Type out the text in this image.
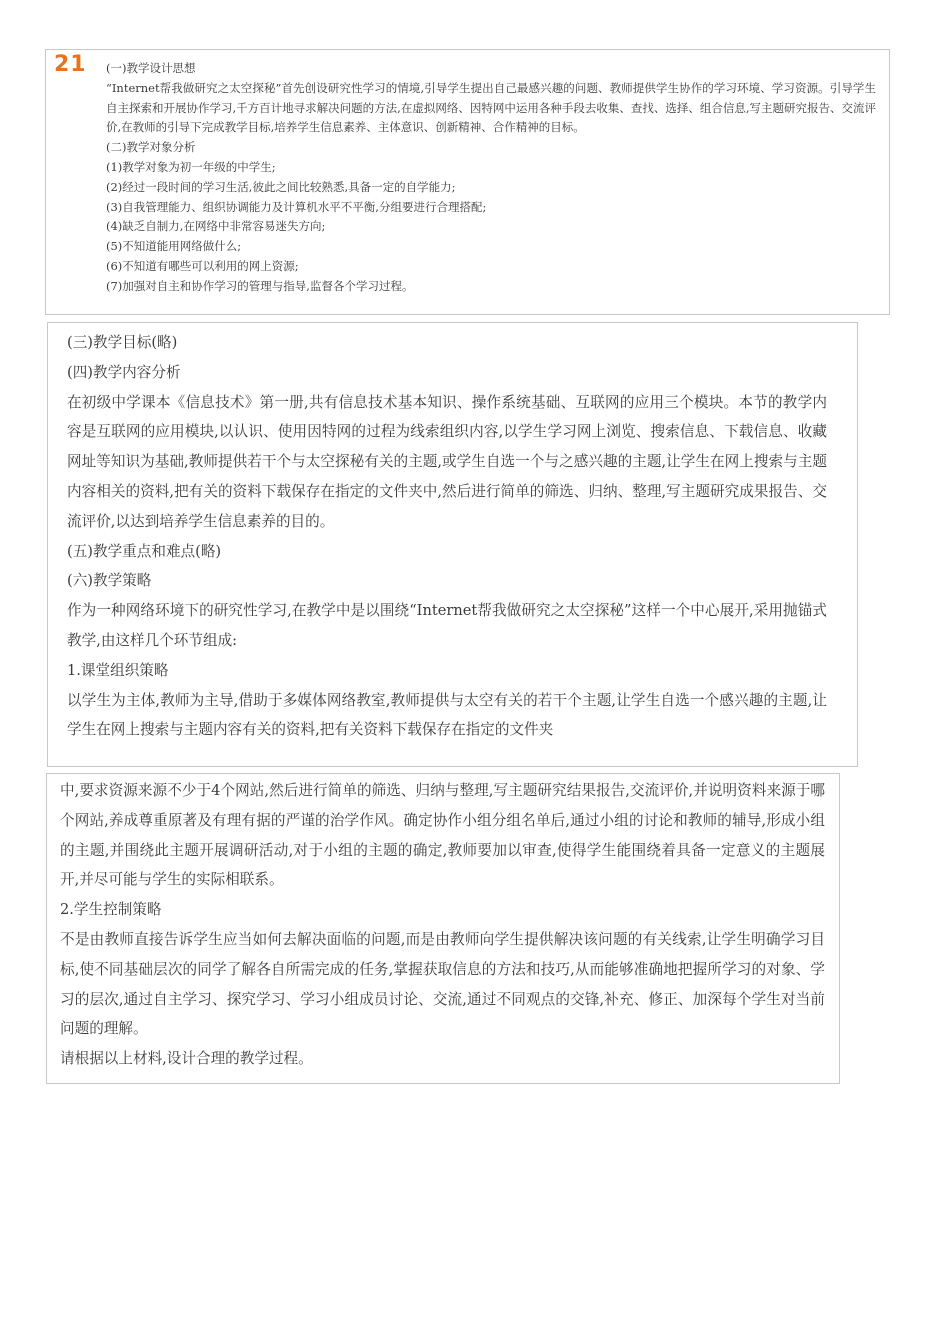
21 (一)教学设计思想
“Internet帮我做研究之太空探秘”首先创设研究性学习的情境,引导学生提出自己最感兴趣的问题、教师提供学生协作的学习环境、学习资源。引导学生自主探索和开展协作学习,千方百计地寻求解决问题的方法,在虚拟网络、因特网中运用各种手段去收集、查找、选择、组合信息,写主题研究报告、交流评价,在教师的引导下完成教学目标,培养学生信息素养、主体意识、创新精神、合作精神的目标。
(二)教学对象分析
(1)教学对象为初一年级的中学生;
(2)经过一段时间的学习生活,彼此之间比较熟悉,具备一定的自学能力;
(3)自我管理能力、组织协调能力及计算机水平不平衡,分组要进行合理搭配;
(4)缺乏自制力,在网络中非常容易迷失方向;
(5)不知道能用网络做什么;
(6)不知道有哪些可以利用的网上资源;
(7)加强对自主和协作学习的管理与指导,监督各个学习过程。
(三)教学目标(略)
(四)教学内容分析
在初级中学课本《信息技术》第一册,共有信息技术基本知识、操作系统基础、互联网的应用三个模块。本节的教学内容是互联网的应用模块,以认识、使用因特网的过程为线索组织内容,以学生学习网上浏览、搜索信息、下载信息、收藏网址等知识为基础,教师提供若干个与太空探秘有关的主题,或学生自选一个与之感兴趣的主题,让学生在网上搜索与主题内容相关的资料,把有关的资料下载保存在指定的文件夹中,然后进行简单的筛选、归纳、整理,写主题研究成果报告、交流评价,以达到培养学生信息素养的目的。
(五)教学重点和难点(略)
(六)教学策略
作为一种网络环境下的研究性学习,在教学中是以围绕“Internet帮我做研究之太空探秘”这样一个中心展开,采用抛锚式教学,由这样几个环节组成:
1.课堂组织策略
以学生为主体,教师为主导,借助于多媒体网络教室,教师提供与太空有关的若干个主题,让学生自选一个感兴趣的主题,让学生在网上搜索与主题内容有关的资料,把有关资料下载保存在指定的文件夹
中,要求资源来源不少于4个网站,然后进行简单的筛选、归纳与整理,写主题研究结果报告,交流评价,并说明资料来源于哪个网站,养成尊重原著及有理有据的严谨的治学作风。确定协作小组分组名单后,通过小组的讨论和教师的辅导,形成小组的主题,并围绕此主题开展调研活动,对于小组的主题的确定,教师要加以审查,使得学生能围绕着具备一定意义的主题展开,并尽可能与学生的实际相联系。
2.学生控制策略
不是由教师直接告诉学生应当如何去解决面临的问题,而是由教师向学生提供解决该问题的有关线索,让学生明确学习目标,使不同基础层次的同学了解各自所需完成的任务,掌握获取信息的方法和技巧,从而能够准确地把握所学习的对象、学习的层次,通过自主学习、探究学习、学习小组成员讨论、交流,通过不同观点的交锋,补充、修正、加深每个学生对当前问题的理解。
请根据以上材料,设计合理的教学过程。
